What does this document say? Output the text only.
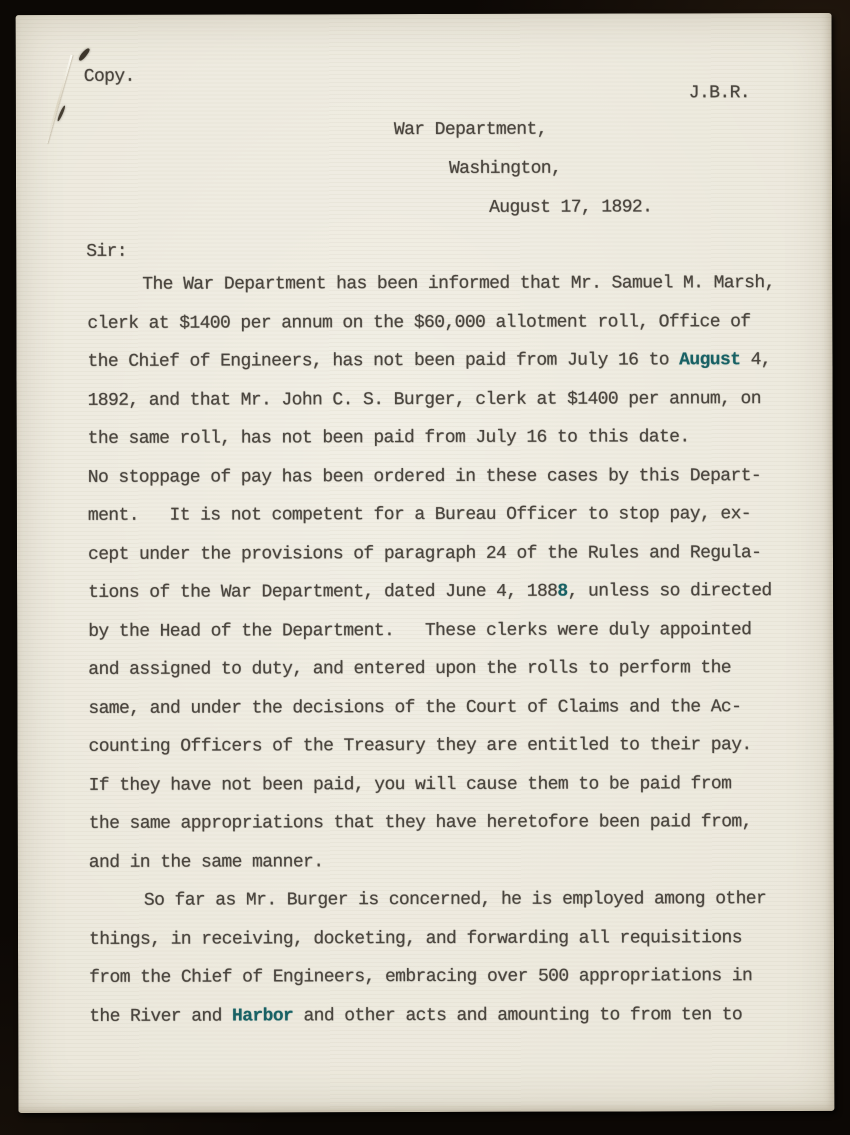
Copy.
J.B.R.
War Department,
Washington,
August 17, 1892.
Sir:
The War Department has been informed that Mr. Samuel M. Marsh,
clerk at $1400 per annum on the $60,000 allotment roll, Office of
the Chief of Engineers, has not been paid from July 16 to August 4,
1892, and that Mr. John C. S. Burger, clerk at $1400 per annum, on
the same roll, has not been paid from July 16 to this date.
No stoppage of pay has been ordered in these cases by this Depart-
ment.   It is not competent for a Bureau Officer to stop pay, ex-
cept under the provisions of paragraph 24 of the Rules and Regula-
tions of the War Department, dated June 4, 1888, unless so directed
by the Head of the Department.   These clerks were duly appointed
and assigned to duty, and entered upon the rolls to perform the
same, and under the decisions of the Court of Claims and the Ac-
counting Officers of the Treasury they are entitled to their pay.
If they have not been paid, you will cause them to be paid from
the same appropriations that they have heretofore been paid from,
and in the same manner.
So far as Mr. Burger is concerned, he is employed among other
things, in receiving, docketing, and forwarding all requisitions
from the Chief of Engineers, embracing over 500 appropriations in
the River and Harbor and other acts and amounting to from ten to
